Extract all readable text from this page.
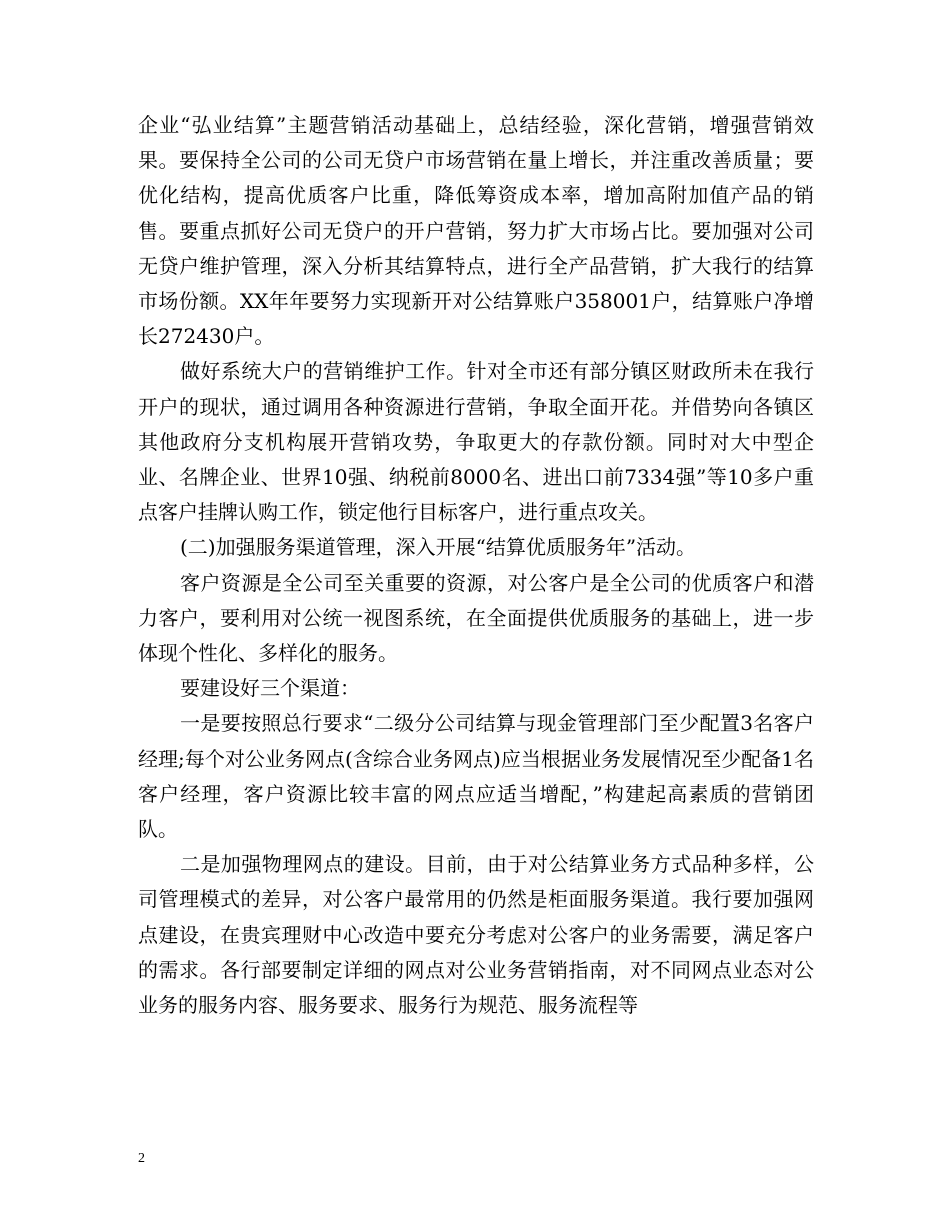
企业“弘业结算”主题营销活动基础上，总结经验，深化营销，增强营销效果。要保持全公司的公司无贷户市场营销在量上增长，并注重改善质量；要优化结构，提高优质客户比重，降低筹资成本率，增加高附加值产品的销售。要重点抓好公司无贷户的开户营销，努力扩大市场占比。要加强对公司无贷户维护管理，深入分析其结算特点，进行全产品营销，扩大我行的结算市场份额。XX年年要努力实现新开对公结算账户358001户，结算账户净增长272430户。

做好系统大户的营销维护工作。针对全市还有部分镇区财政所未在我行开户的现状，通过调用各种资源进行营销，争取全面开花。并借势向各镇区其他政府分支机构展开营销攻势，争取更大的存款份额。同时对大中型企业、名牌企业、世界10强、纳税前8000名、进出口前7334强”等10多户重点客户挂牌认购工作，锁定他行目标客户，进行重点攻关。

(二)加强服务渠道管理，深入开展“结算优质服务年”活动。

客户资源是全公司至关重要的资源，对公客户是全公司的优质客户和潜力客户，要利用对公统一视图系统，在全面提供优质服务的基础上，进一步体现个性化、多样化的服务。

要建设好三个渠道：

一是要按照总行要求“二级分公司结算与现金管理部门至少配置3名客户经理;每个对公业务网点(含综合业务网点)应当根据业务发展情况至少配备1名客户经理，客户资源比较丰富的网点应适当增配，”构建起高素质的营销团队。

二是加强物理网点的建设。目前，由于对公结算业务方式品种多样，公司管理模式的差异，对公客户最常用的仍然是柜面服务渠道。我行要加强网点建设，在贵宾理财中心改造中要充分考虑对公客户的业务需要，满足客户的需求。各行部要制定详细的网点对公业务营销指南，对不同网点业态对公业务的服务内容、服务要求、服务行为规范、服务流程等

2
